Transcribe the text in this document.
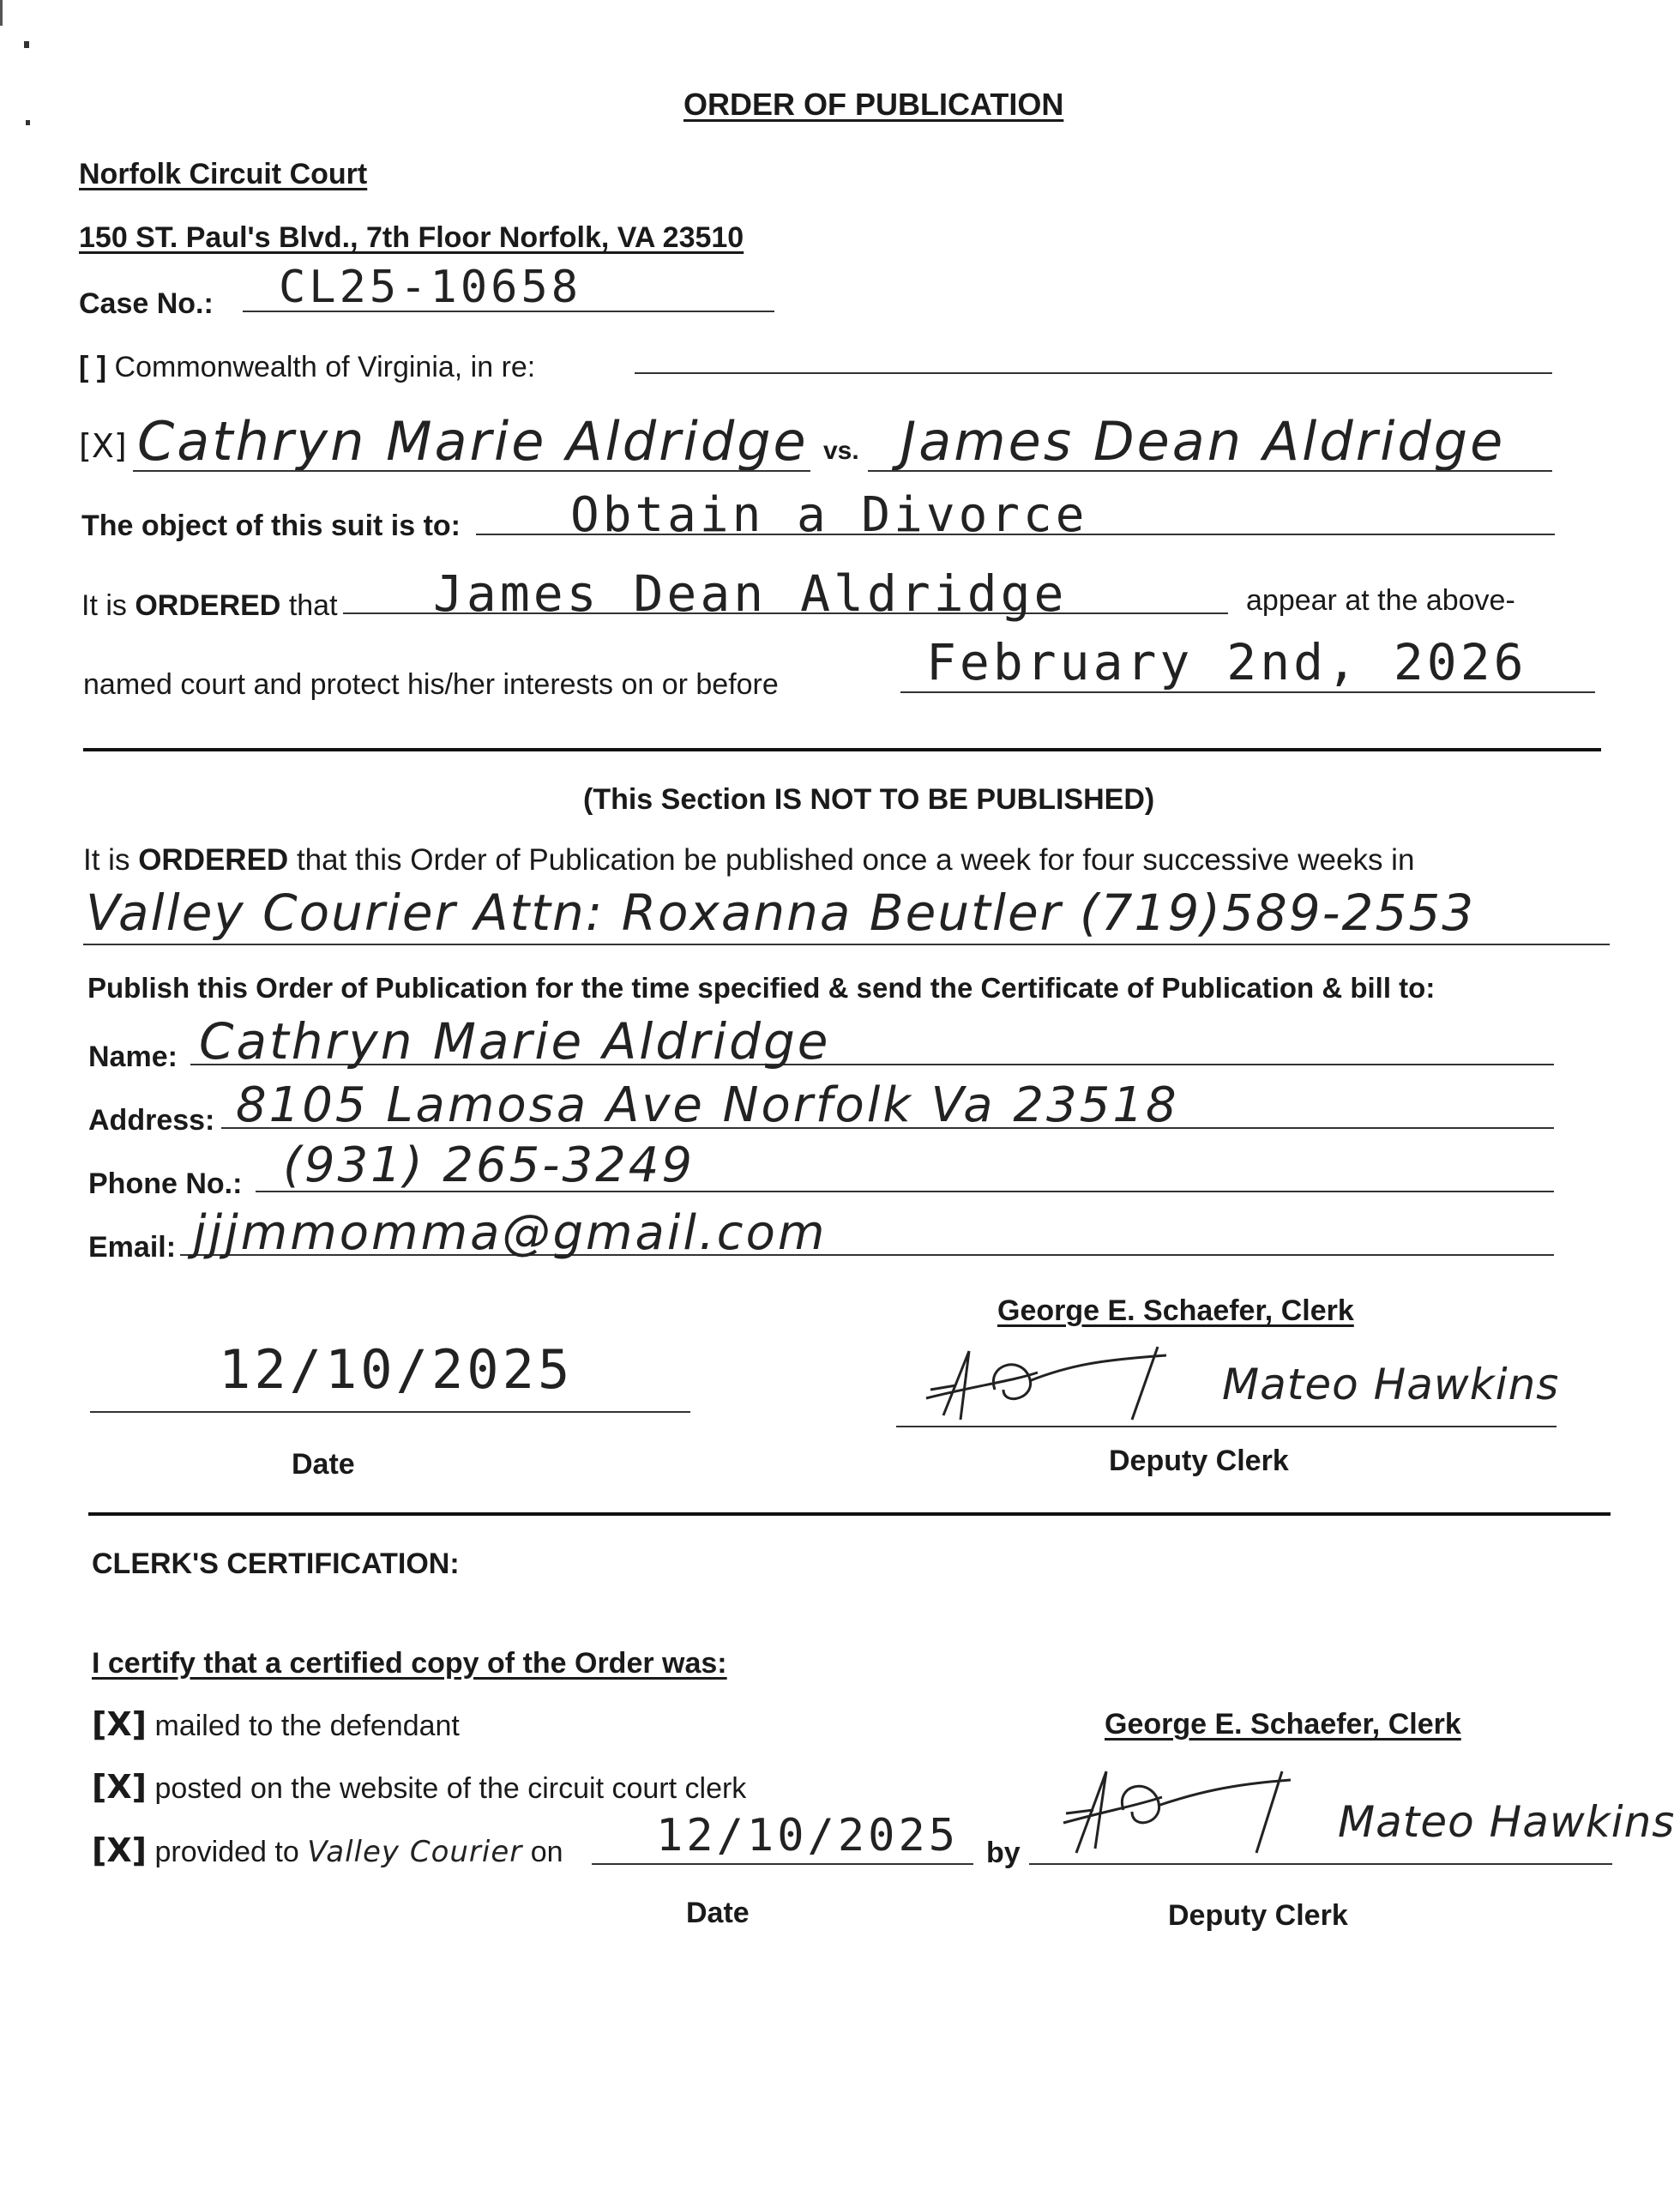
ORDER OF PUBLICATION
Norfolk Circuit Court
150 ST. Paul's Blvd., 7th Floor Norfolk, VA 23510
Case No.: CL25-10658
[ ] Commonwealth of Virginia, in re:
[X] Cathryn Marie Aldridge vs. James Dean Aldridge
The object of this suit is to: Obtain a Divorce
It is ORDERED that James Dean Aldridge	appear at the above-
named court and protect his/her interests on or before	February 2nd, 2026
(This Section IS NOT TO BE PUBLISHED)
It is ORDERED that this Order of Publication be published once a week for four successive weeks in
Valley Courier Attn: Roxanna Beutler (719)589-2553
Publish this Order of Publication for the time specified & send the Certificate of Publication & bill to:
Name: Cathryn Marie Aldridge
Address: 8105 Lamosa Ave Norfolk Va 23518
Phone No.: (931) 265-3249
Email: jjjmmomma@gmail.com
George E. Schaefer, Clerk
12/10/2025
Date
Mateo Hawkins
Deputy Clerk
CLERK'S CERTIFICATION:
I certify that a certified copy of the Order was:
[X] mailed to the defendant	George E. Schaefer, Clerk
[X] posted on the website of the circuit court clerk
[X] provided to Valley Courier on 12/10/2025
Date
by
Mateo Hawkins
Deputy Clerk
